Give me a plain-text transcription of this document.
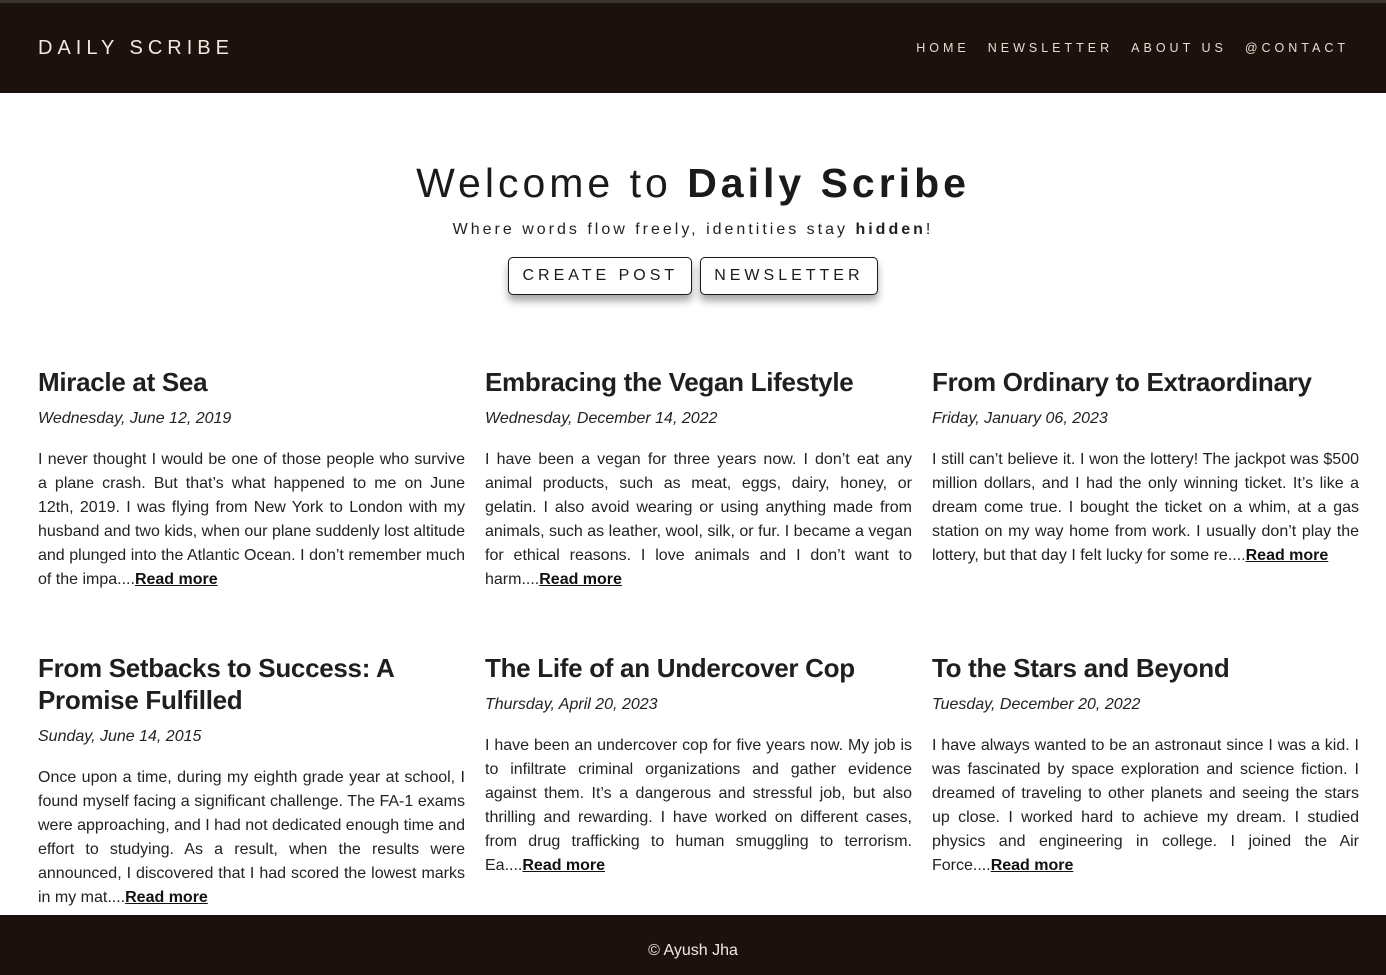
DAILY SCRIBE	HOME NEWSLETTER ABOUT US @CONTACT
Welcome to Daily Scribe
Where words flow freely, identities stay hidden!
CREATE POST	NEWSLETTER
Miracle at Sea
Wednesday, June 12, 2019

I never thought I would be one of those people who survive a plane crash. But that’s what happened to me on June 12th, 2019. I was flying from New York to London with my husband and two kids, when our plane suddenly lost altitude and plunged into the Atlantic Ocean. I don’t remember much of the impa....Read more

Embracing the Vegan Lifestyle
Wednesday, December 14, 2022

I have been a vegan for three years now. I don’t eat any animal products, such as meat, eggs, dairy, honey, or gelatin. I also avoid wearing or using anything made from animals, such as leather, wool, silk, or fur. I became a vegan for ethical reasons. I love animals and I don’t want to harm....Read more

From Ordinary to Extraordinary
Friday, January 06, 2023

I still can’t believe it. I won the lottery! The jackpot was $500 million dollars, and I had the only winning ticket. It’s like a dream come true. I bought the ticket on a whim, at a gas station on my way home from work. I usually don’t play the lottery, but that day I felt lucky for some re....Read more

From Setbacks to Success: A Promise Fulfilled
Sunday, June 14, 2015

Once upon a time, during my eighth grade year at school, I found myself facing a significant challenge. The FA-1 exams were approaching, and I had not dedicated enough time and effort to studying. As a result, when the results were announced, I discovered that I had scored the lowest marks in my mat....Read more

The Life of an Undercover Cop
Thursday, April 20, 2023

I have been an undercover cop for five years now. My job is to infiltrate criminal organizations and gather evidence against them. It’s a dangerous and stressful job, but also thrilling and rewarding. I have worked on different cases, from drug trafficking to human smuggling to terrorism. Ea....Read more

To the Stars and Beyond
Tuesday, December 20, 2022

I have always wanted to be an astronaut since I was a kid. I was fascinated by space exploration and science fiction. I dreamed of traveling to other planets and seeing the stars up close. I worked hard to achieve my dream. I studied physics and engineering in college. I joined the Air Force....Read more

© Ayush Jha
